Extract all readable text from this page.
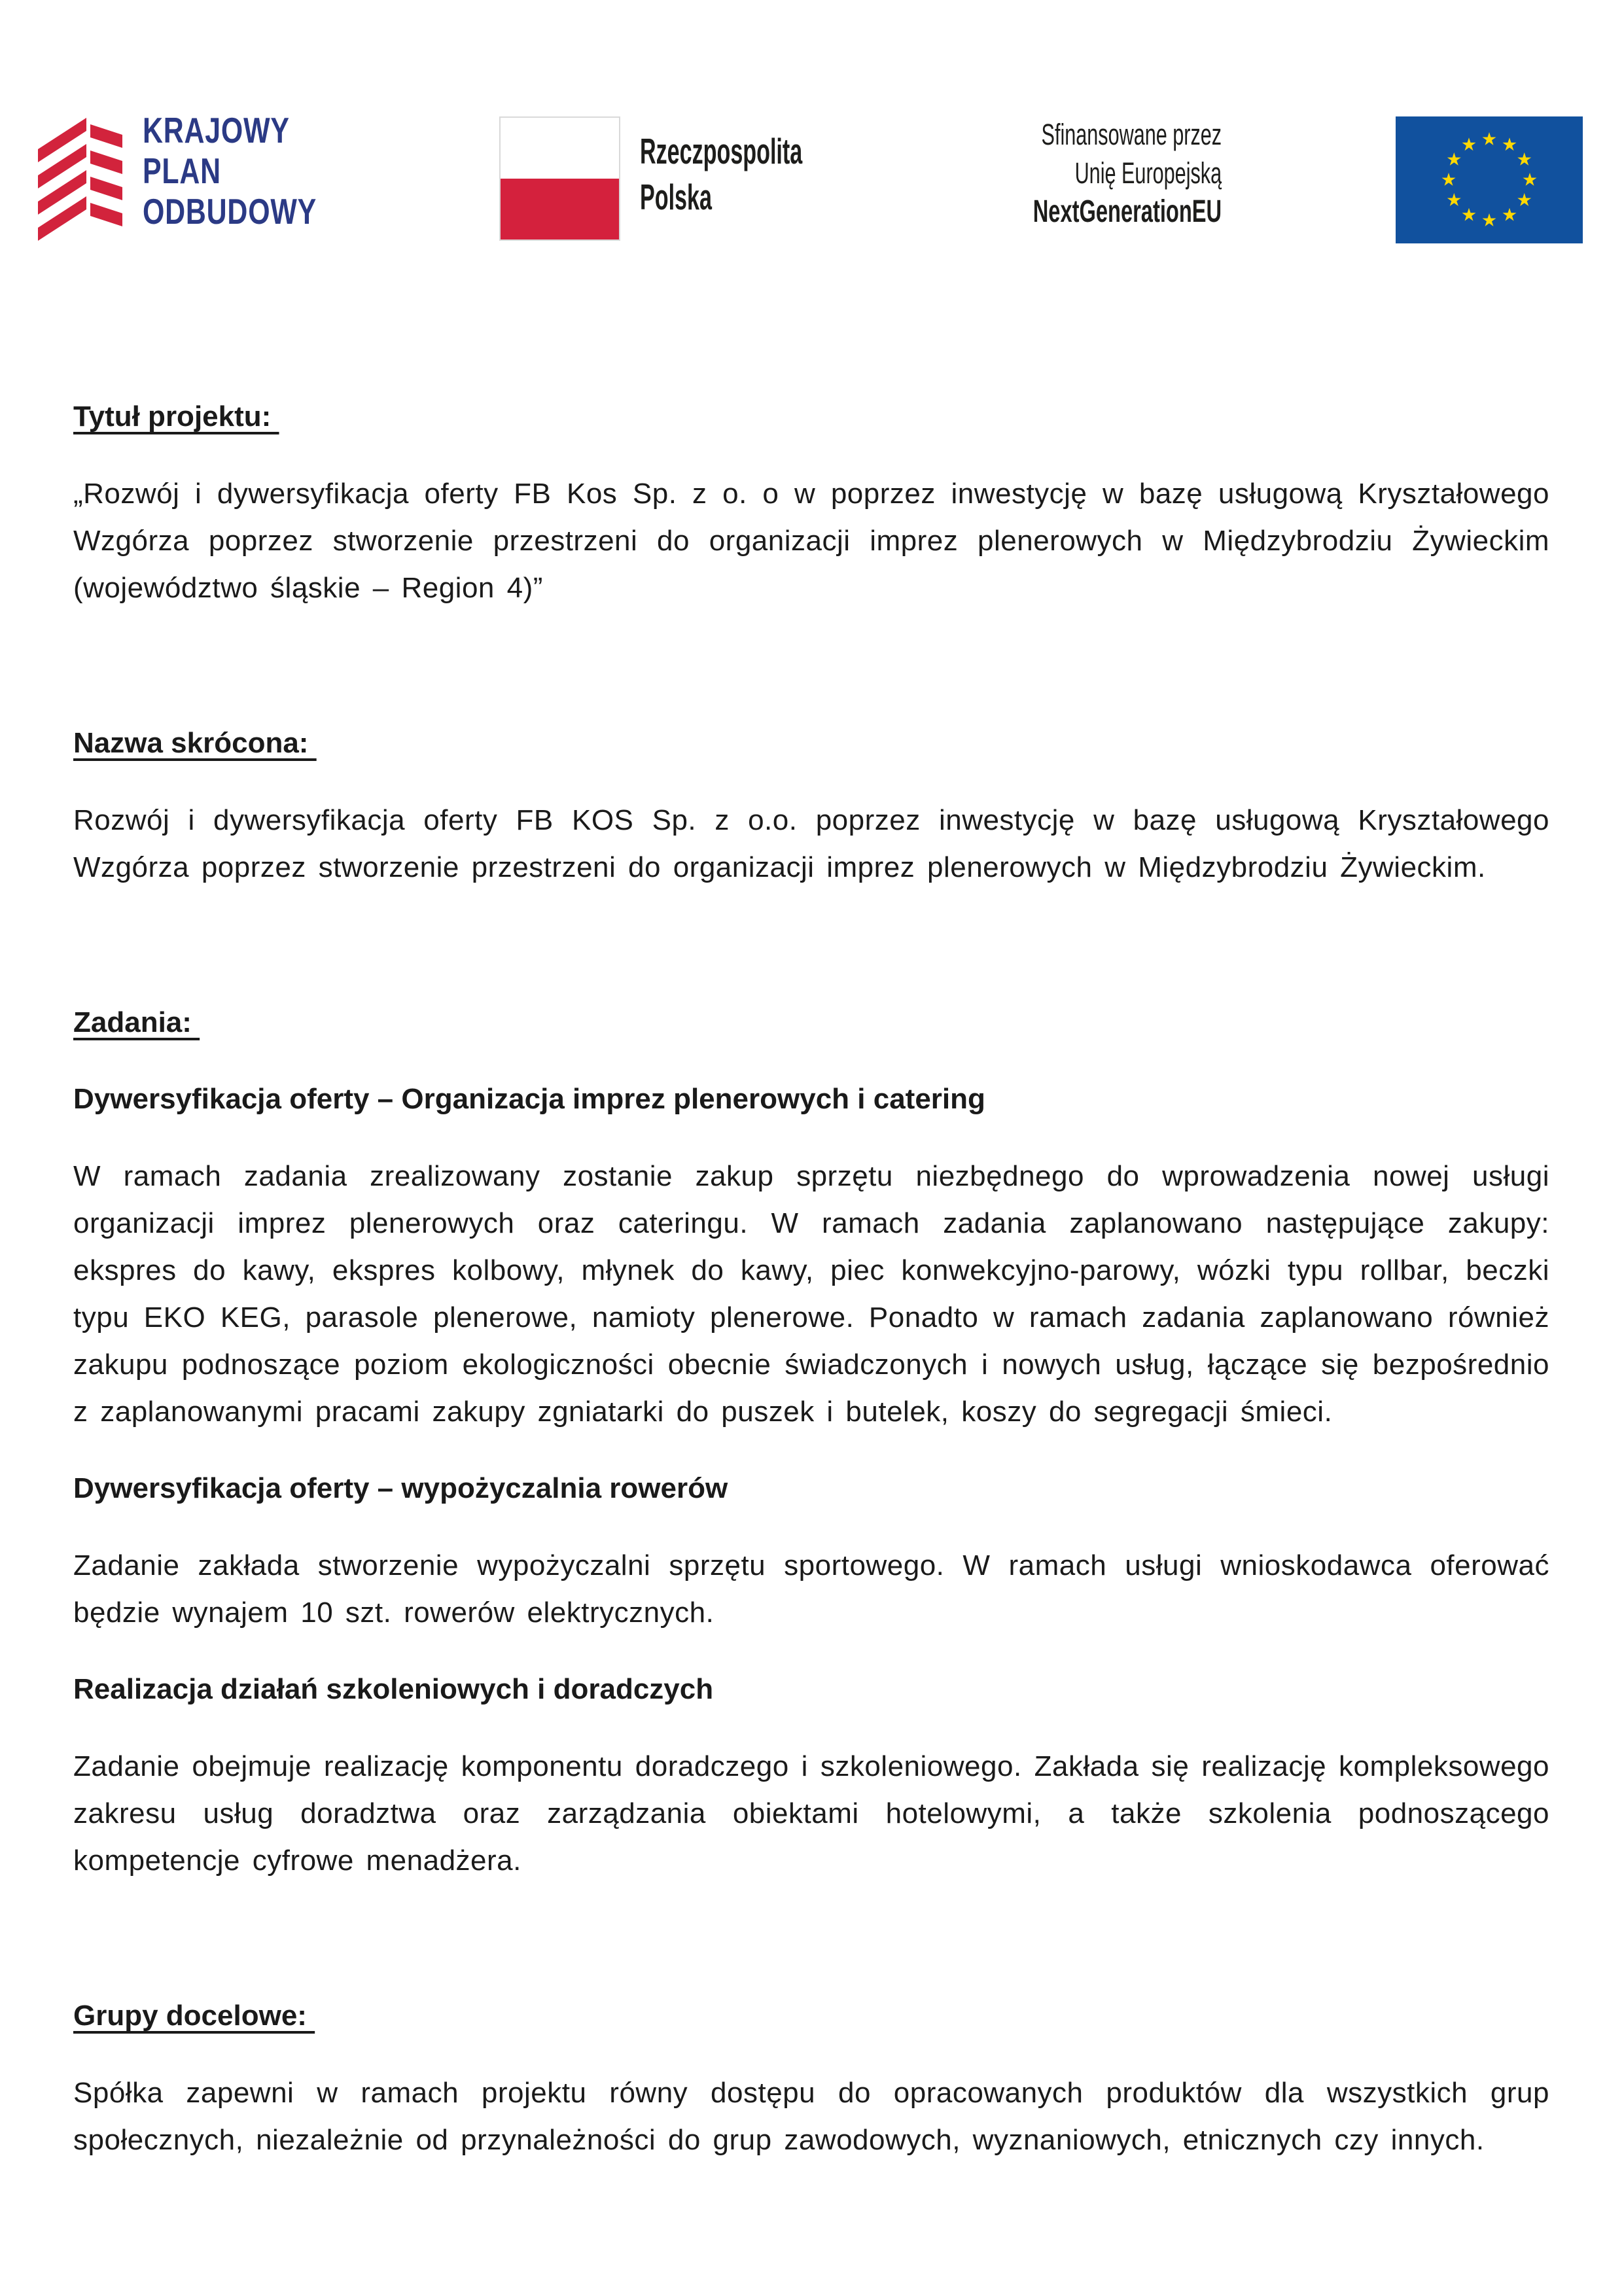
KRAJOWY
PLAN
ODBUDOWY
Rzeczpospolita
Polska
Sfinansowane przez
Unię Europejską
NextGenerationEU
Tytuł projektu:

„Rozwój i dywersyfikacja oferty FB Kos Sp. z o. o w poprzez inwestycję w bazę usługową Kryształowego Wzgórza poprzez stworzenie przestrzeni do organizacji imprez plenerowych w Międzybrodziu Żywieckim (województwo śląskie – Region 4)”

Nazwa skrócona:

Rozwój i dywersyfikacja oferty FB KOS Sp. z o.o. poprzez inwestycję w bazę usługową Kryształowego Wzgórza poprzez stworzenie przestrzeni do organizacji imprez plenerowych w Międzybrodziu Żywieckim.

Zadania:
Dywersyfikacja oferty – Organizacja imprez plenerowych i catering

W ramach zadania zrealizowany zostanie zakup sprzętu niezbędnego do wprowadzenia nowej usługi organizacji imprez plenerowych oraz cateringu. W ramach zadania zaplanowano następujące zakupy: ekspres do kawy, ekspres kolbowy, młynek do kawy, piec konwekcyjno-parowy, wózki typu rollbar, beczki typu EKO KEG, parasole plenerowe, namioty plenerowe. Ponadto w ramach zadania zaplanowano również zakupu podnoszące poziom ekologiczności obecnie świadczonych i nowych usług, łączące się bezpośrednio z zaplanowanymi pracami zakupy zgniatarki do puszek i butelek, koszy do segregacji śmieci.

Dywersyfikacja oferty – wypożyczalnia rowerów

Zadanie zakłada stworzenie wypożyczalni sprzętu sportowego. W ramach usługi wnioskodawca oferować będzie wynajem 10 szt. rowerów elektrycznych.

Realizacja działań szkoleniowych i doradczych

Zadanie obejmuje realizację komponentu doradczego i szkoleniowego. Zakłada się realizację kompleksowego zakresu usług doradztwa oraz zarządzania obiektami hotelowymi, a także szkolenia podnoszącego kompetencje cyfrowe menadżera.

Grupy docelowe:

Spółka zapewni w ramach projektu równy dostępu do opracowanych produktów dla wszystkich grup społecznych, niezależnie od przynależności do grup zawodowych, wyznaniowych, etnicznych czy innych.
